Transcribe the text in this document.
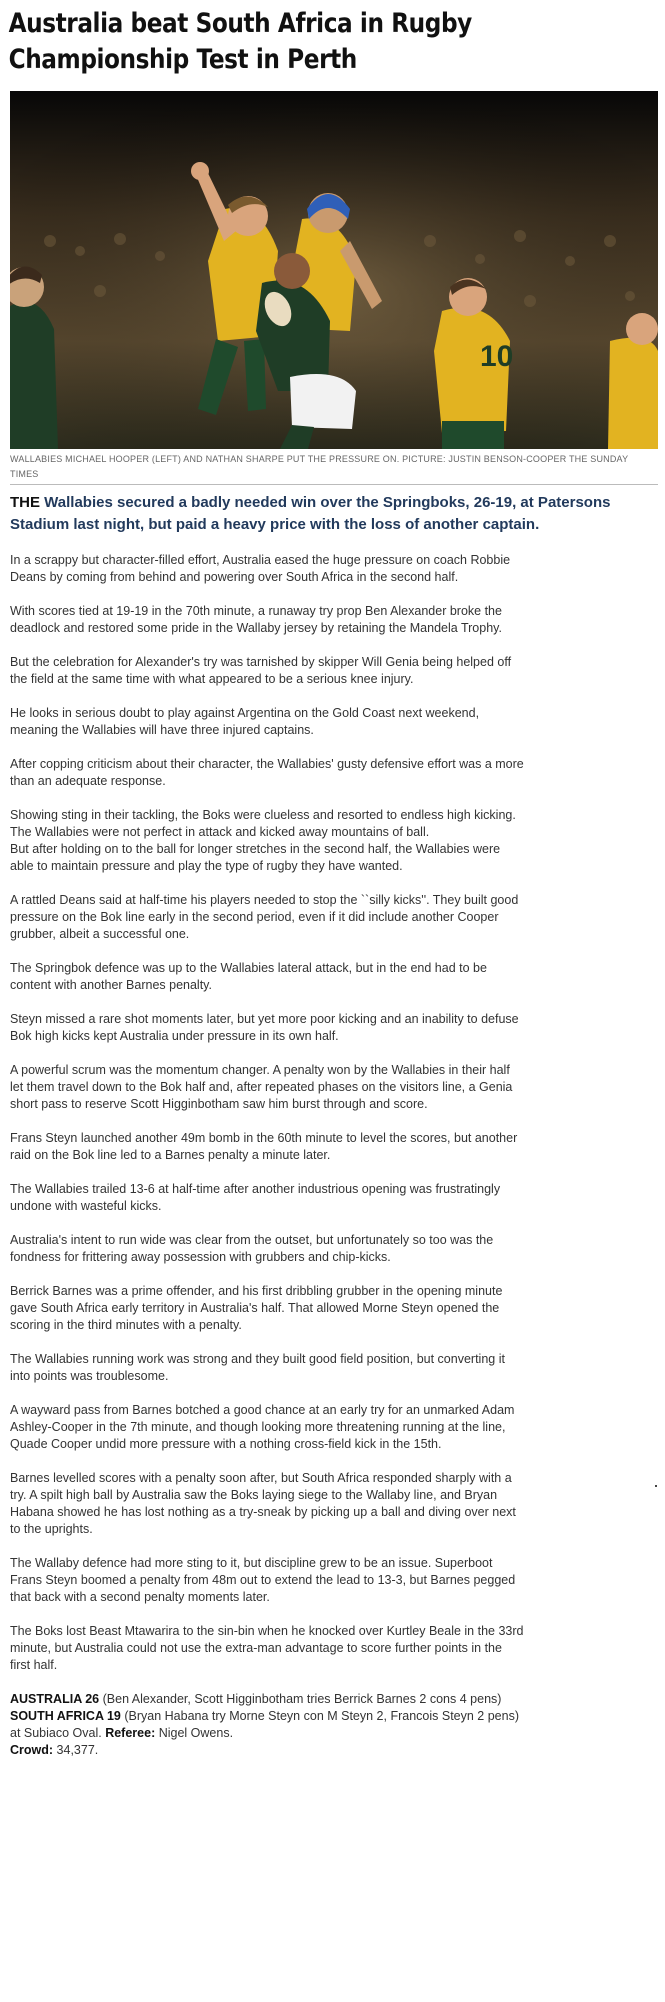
Australia beat South Africa in Rugby Championship Test in Perth
10
WALLABIES MICHAEL HOOPER (LEFT) AND NATHAN SHARPE PUT THE PRESSURE ON. PICTURE: JUSTIN BENSON-COOPER THE SUNDAY TIMES
THE Wallabies secured a badly needed win over the Springboks, 26-19, at Patersons Stadium last night, but paid a heavy price with the loss of another captain.

In a scrappy but character-filled effort, Australia eased the huge pressure on coach Robbie Deans by coming from behind and powering over South Africa in the second half.

With scores tied at 19-19 in the 70th minute, a runaway try prop Ben Alexander broke the deadlock and restored some pride in the Wallaby jersey by retaining the Mandela Trophy.

But the celebration for Alexander's try was tarnished by skipper Will Genia being helped off the field at the same time with what appeared to be a serious knee injury.

He looks in serious doubt to play against Argentina on the Gold Coast next weekend, meaning the Wallabies will have three injured captains.

After copping criticism about their character, the Wallabies' gusty defensive effort was a more than an adequate response.

Showing sting in their tackling, the Boks were clueless and resorted to endless high kicking. The Wallabies were not perfect in attack and kicked away mountains of ball.

But after holding on to the ball for longer stretches in the second half, the Wallabies were able to maintain pressure and play the type of rugby they have wanted.

A rattled Deans said at half-time his players needed to stop the ``silly kicks''. They built good pressure on the Bok line early in the second period, even if it did include another Cooper grubber, albeit a successful one.

The Springbok defence was up to the Wallabies lateral attack, but in the end had to be content with another Barnes penalty.

Steyn missed a rare shot moments later, but yet more poor kicking and an inability to defuse Bok high kicks kept Australia under pressure in its own half.

A powerful scrum was the momentum changer. A penalty won by the Wallabies in their half let them travel down to the Bok half and, after repeated phases on the visitors line, a Genia short pass to reserve Scott Higginbotham saw him burst through and score.

Frans Steyn launched another 49m bomb in the 60th minute to level the scores, but another raid on the Bok line led to a Barnes penalty a minute later.

The Wallabies trailed 13-6 at half-time after another industrious opening was frustratingly undone with wasteful kicks.

Australia's intent to run wide was clear from the outset, but unfortunately so too was the fondness for frittering away possession with grubbers and chip-kicks.

Berrick Barnes was a prime offender, and his first dribbling grubber in the opening minute gave South Africa early territory in Australia's half. That allowed Morne Steyn opened the scoring in the third minutes with a penalty.

The Wallabies running work was strong and they built good field position, but converting it into points was troublesome.

A wayward pass from Barnes botched a good chance at an early try for an unmarked Adam Ashley-Cooper in the 7th minute, and though looking more threatening running at the line, Quade Cooper undid more pressure with a nothing cross-field kick in the 15th.

Barnes levelled scores with a penalty soon after, but South Africa responded sharply with a try. A spilt high ball by Australia saw the Boks laying siege to the Wallaby line, and Bryan Habana showed he has lost nothing as a try-sneak by picking up a ball and diving over next to the uprights.

The Wallaby defence had more sting to it, but discipline grew to be an issue. Superboot Frans Steyn boomed a penalty from 48m out to extend the lead to 13-3, but Barnes pegged that back with a second penalty moments later.

The Boks lost Beast Mtawarira to the sin-bin when he knocked over Kurtley Beale in the 33rd minute, but Australia could not use the extra-man advantage to score further points in the first half.

AUSTRALIA 26 (Ben Alexander, Scott Higginbotham tries Berrick Barnes 2 cons 4 pens) SOUTH AFRICA 19 (Bryan Habana try Morne Steyn con M Steyn 2, Francois Steyn 2 pens) at Subiaco Oval. Referee: Nigel Owens.
Crowd: 34,377.
